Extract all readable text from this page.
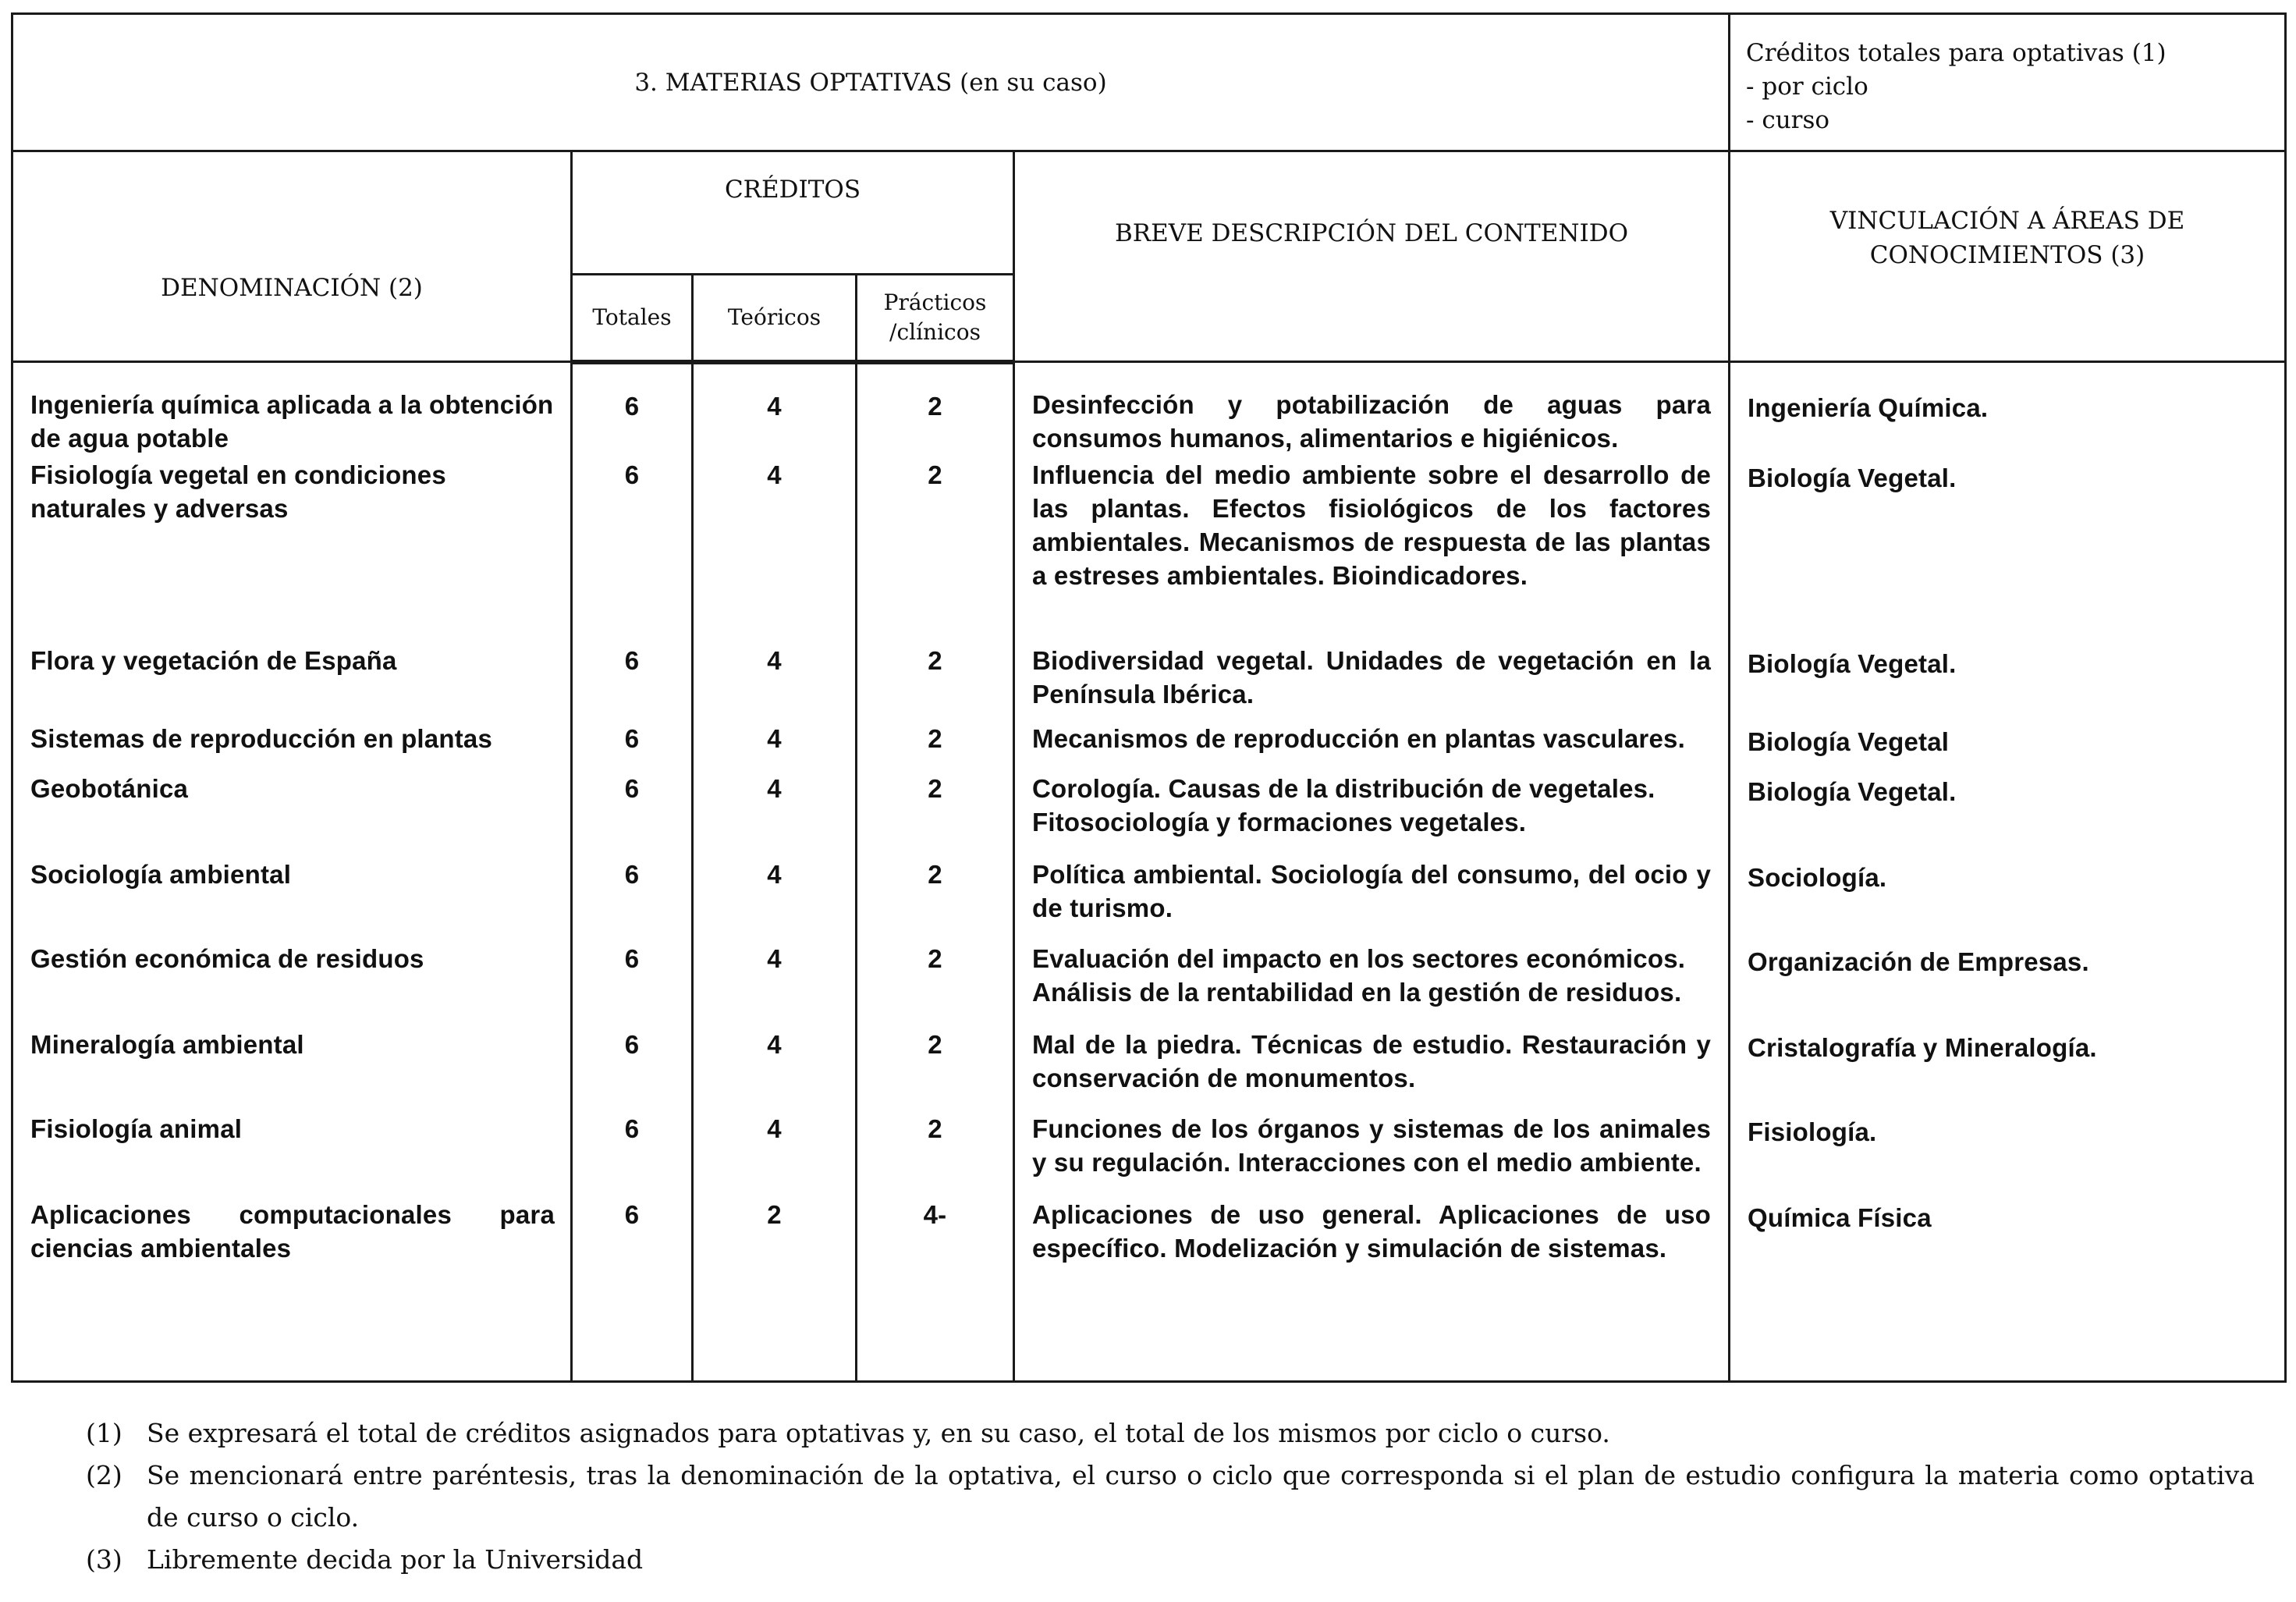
3. MATERIAS OPTATIVAS (en su caso)					Créditos totales para optativas (1)
- por ciclo
- curso

DENOMINACIÓN (2)	CRÉDITOS			BREVE DESCRIPCIÓN DEL CONTENIDO	VINCULACIÓN A ÁREAS DE
CONOCIMIENTOS (3)

	Totales	Teóricos	Prácticos
/clínicos		

Ingeniería química aplicada a la obtención de agua potable	6	4	2	Desinfección y potabilización de aguas para consumos humanos, alimentarios e higiénicos.	Ingeniería Química.
Fisiología vegetal en condiciones naturales y adversas	6	4	2	Influencia del medio ambiente sobre el desarrollo de las plantas. Efectos fisiológicos de los factores ambientales. Mecanismos de respuesta de las plantas a estreses ambientales. Bioindicadores.	Biología Vegetal.
Flora y vegetación de España	6	4	2	Biodiversidad vegetal. Unidades de vegetación en la Península Ibérica.	Biología Vegetal.
Sistemas de reproducción en plantas	6	4	2	Mecanismos de reproducción en plantas vasculares.	Biología Vegetal
Geobotánica	6	4	2	Corología. Causas de la distribución de vegetales. Fitosociología y formaciones vegetales.	Biología Vegetal.
Sociología ambiental	6	4	2	Política ambiental. Sociología del consumo, del ocio y de turismo.	Sociología.
Gestión económica de residuos	6	4	2	Evaluación del impacto en los sectores económicos. Análisis de la rentabilidad en la gestión de residuos.	Organización de Empresas.
Mineralogía ambiental	6	4	2	Mal de la piedra. Técnicas de estudio. Restauración y conservación de monumentos.	Cristalografía y Mineralogía.
Fisiología animal	6	4	2	Funciones de los órganos y sistemas de los animales y su regulación. Interacciones con el medio ambiente.	Fisiología.
Aplicaciones computacionales para ciencias ambientales	6	2	4-	Aplicaciones de uso general. Aplicaciones de uso específico. Modelización y simulación de sistemas.	Química Física
(1) Se expresará el total de créditos asignados para optativas y, en su caso, el total de los mismos por ciclo o curso.
(2) Se mencionará entre paréntesis, tras la denominación de la optativa, el curso o ciclo que corresponda si el plan de estudio configura la materia como optativa de curso o ciclo.
(3) Libremente decida por la Universidad
